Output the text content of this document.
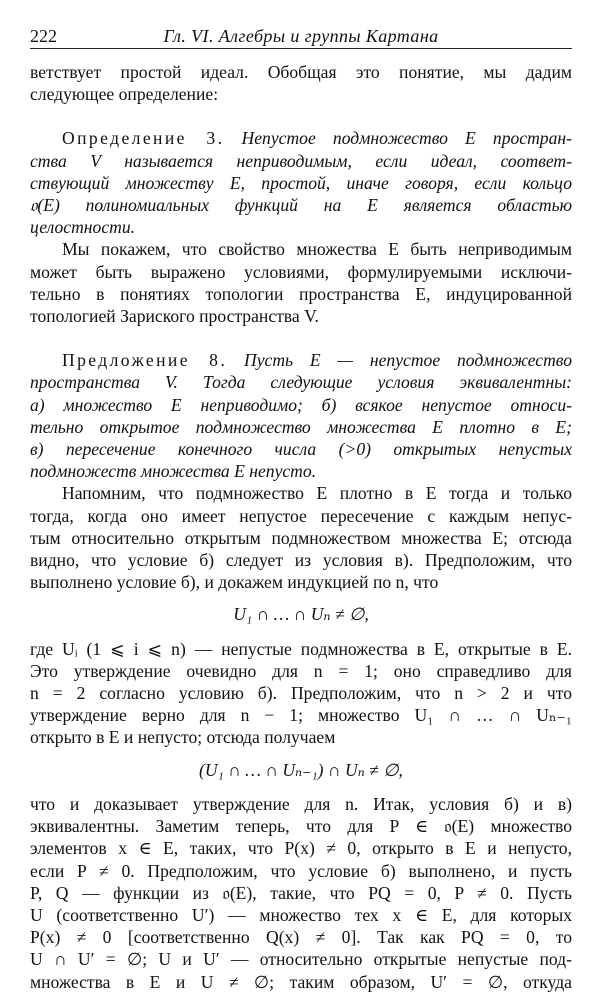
222	Гл. VI. Алгебры и группы Картана

ветствует простой идеал. Обобщая это понятие, мы дадим

следующее определение:

Определение 3. Непустое подмножество E простран-

ства V называется неприводимым, если идеал, соответ-

ствующий множеству E, простой, иначе говоря, если кольцо

𝔬(E) полиномиальных функций на E является областью

целостности.

Мы покажем, что свойство множества E быть неприводимым

может быть выражено условиями, формулируемыми исключи-

тельно в понятиях топологии пространства E, индуцированной

топологией Зариского пространства V.

Предложение 8. Пусть E — непустое подмножество

пространства V. Тогда следующие условия эквивалентны:

а) множество E неприводимо; б) всякое непустое относи-

тельно открытое подмножество множества E плотно в E;

в) пересечение конечного числа (>0) открытых непустых

подмножеств множества E непусто.

Напомним, что подмножество E плотно в E тогда и только

тогда, когда оно имеет непустое пересечение с каждым непус-

тым относительно открытым подмножеством множества E; отсюда

видно, что условие б) следует из условия в). Предположим, что

выполнено условие б), и докажем индукцией по n, что

U₁ ∩ … ∩ Uₙ ≠ ∅,

где Uᵢ (1 ⩽ i ⩽ n) — непустые подмножества в E, открытые в E.

Это утверждение очевидно для n = 1; оно справедливо для

n = 2 согласно условию б). Предположим, что n > 2 и что

утверждение верно для n − 1; множество U₁ ∩ … ∩ Uₙ₋₁

открыто в E и непусто; отсюда получаем

(U₁ ∩ … ∩ Uₙ₋₁) ∩ Uₙ ≠ ∅,

что и доказывает утверждение для n. Итак, условия б) и в)

эквивалентны. Заметим теперь, что для P ∈ 𝔬(E) множество

элементов x ∈ E, таких, что P(x) ≠ 0, открыто в E и непусто,

если P ≠ 0. Предположим, что условие б) выполнено, и пусть

P, Q — функции из 𝔬(E), такие, что PQ = 0, P ≠ 0. Пусть

U (соответственно U′) — множество тех x ∈ E, для которых

P(x) ≠ 0 [соответственно Q(x) ≠ 0]. Так как PQ = 0, то

U ∩ U′ = ∅; U и U′ — относительно открытые непустые под-

множества в E и U ≠ ∅; таким образом, U′ = ∅, откуда
